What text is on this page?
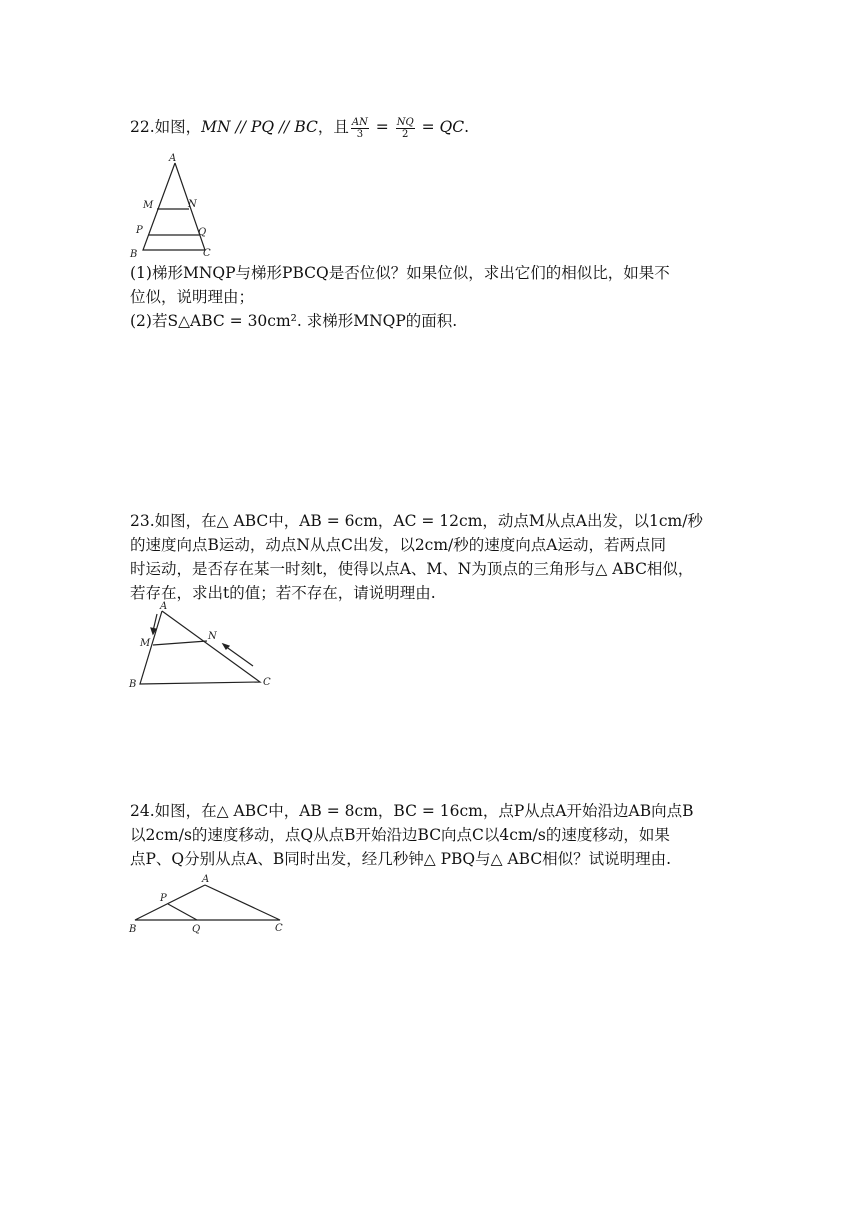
22.如图，MN // PQ // BC，且 $\frac{AN}{3} = \frac{NQ}{2}$ = QC.
A
M	N
P	Q
B	C
(1)梯形MNQP与梯形PBCQ是否位似？如果位似，求出它们的相似比，如果不
位似，说明理由；
(2)若S△ABC = 30cm². 求梯形MNQP的面积.
23.如图，在△ ABC中，AB = 6cm，AC = 12cm，动点M从点A出发，以1cm/秒
的速度向点B运动，动点N从点C出发，以2cm/秒的速度向点A运动，若两点同
时运动，是否存在某一时刻t，使得以点A、M、N为顶点的三角形与△ ABC相似，
若存在，求出t的值；若不存在，请说明理由.
A
M
N
B	C
24.如图，在△ ABC中，AB = 8cm，BC = 16cm，点P从点A开始沿边AB向点B
以2cm/s的速度移动，点Q从点B开始沿边BC向点C以4cm/s的速度移动，如果
点P、Q分别从点A、B同时出发，经几秒钟△ PBQ与△ ABC相似？试说明理由.
A
P
B	Q	C
